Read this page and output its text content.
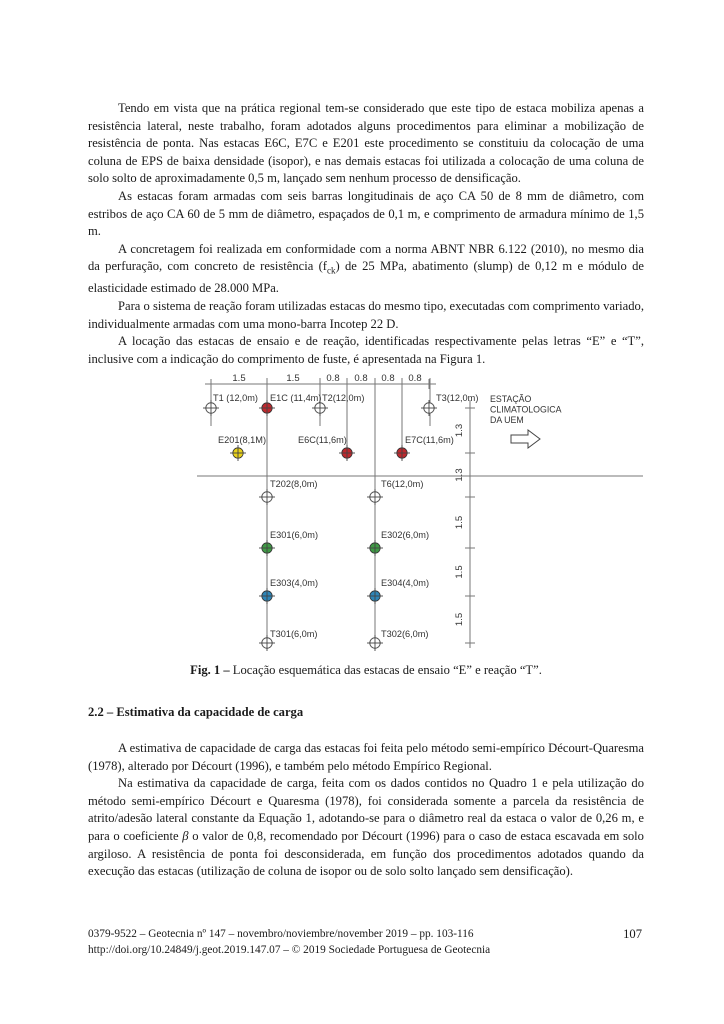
Tendo em vista que na prática regional tem-se considerado que este tipo de estaca mobiliza apenas a resistência lateral, neste trabalho, foram adotados alguns procedimentos para eliminar a mobilização de resistência de ponta. Nas estacas E6C, E7C e E201 este procedimento se constituiu da colocação de uma coluna de EPS de baixa densidade (isopor), e nas demais estacas foi utilizada a colocação de uma coluna de solo solto de aproximadamente 0,5 m, lançado sem nenhum processo de densificação.

As estacas foram armadas com seis barras longitudinais de aço CA 50 de 8 mm de diâmetro, com estribos de aço CA 60 de 5 mm de diâmetro, espaçados de 0,1 m, e comprimento de armadura mínimo de 1,5 m.

A concretagem foi realizada em conformidade com a norma ABNT NBR 6.122 (2010), no mesmo dia da perfuração, com concreto de resistência $(f_{ck})$ de 25 MPa, abatimento (slump) de 0,12 m e módulo de elasticidade estimado de 28.000 MPa.

Para o sistema de reação foram utilizadas estacas do mesmo tipo, executadas com comprimento variado, individualmente armadas com uma mono-barra Incotep 22 D.

A locação das estacas de ensaio e de reação, identificadas respectivamente pelas letras “E” e “T”, inclusive com a indicação do comprimento de fuste, é apresentada na Figura 1.

1.5	1.5	0.8 0.8 0.8 0.8
1.3
1.3
1.5
1.5
1.5
T1 (12,0m) E1C (11,4m) T2(12,0m)	T3(12,0m)
E201(8,1M)	E6C(11,6m)	E7C(11,6m)
T202(8,0m)	T6(12,0m)
E301(6,0m)	E302(6,0m)
E303(4,0m)	E304(4,0m)
T301(6,0m)	T302(6,0m)
ESTAÇÃO
CLIMATOLOGICA
DA UEM
Fig. 1 – Locação esquemática das estacas de ensaio “E” e reação “T”.
2.2 – Estimativa da capacidade de carga

A estimativa de capacidade de carga das estacas foi feita pelo método semi-empírico Décourt-Quaresma (1978), alterado por Décourt (1996), e também pelo método Empírico Regional.

Na estimativa da capacidade de carga, feita com os dados contidos no Quadro 1 e pela utilização do método semi-empírico Décourt e Quaresma (1978), foi considerada somente a parcela da resistência de atrito/adesão lateral constante da Equação 1, adotando-se para o diâmetro real da estaca o valor de 0,26 m, e para o coeficiente β o valor de 0,8, recomendado por Décourt (1996) para o caso de estaca escavada em solo argiloso. A resistência de ponta foi desconsiderada, em função dos procedimentos adotados quando da execução das estacas (utilização de coluna de isopor ou de solo solto lançado sem densificação).

0379-9522 – Geotecnia nº 147 – novembro/noviembre/november 2019 – pp. 103-116
http://doi.org/10.24849/j.geot.2019.147.07 – © 2019 Sociedade Portuguesa de Geotecnia
107
